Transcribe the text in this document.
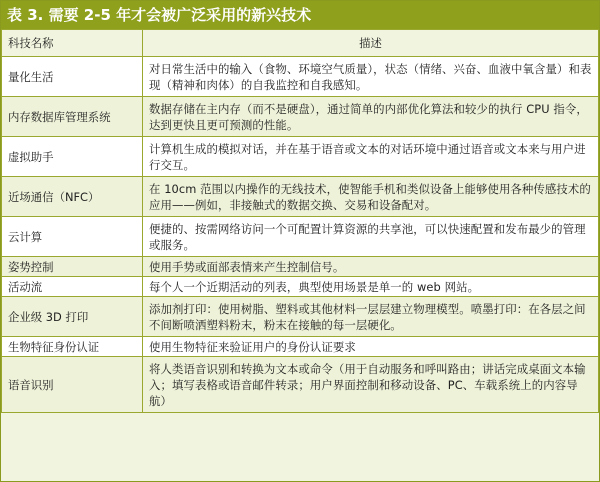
表 3. 需要 2-5 年才会被广泛采用的新兴技术
科技名称	描述
量化生活	对日常生活中的输入（食物、环境空气质量），状态（情绪、兴奋、血液中氧含量）和表现（精神和肉体）的自我监控和自我感知。
内存数据库管理系统	数据存储在主内存（而不是硬盘），通过简单的内部优化算法和较少的执行 CPU 指令，达到更快且更可预测的性能。
虚拟助手	计算机生成的模拟对话，并在基于语音或文本的对话环境中通过语音或文本来与用户进行交互。
近场通信（NFC）	在 10cm 范围以内操作的无线技术，使智能手机和类似设备上能够使用各种传感技术的应用——例如，非接触式的数据交换、交易和设备配对。
云计算	便捷的、按需网络访问一个可配置计算资源的共享池，可以快速配置和发布最少的管理或服务。
姿势控制	使用手势或面部表情来产生控制信号。
活动流	每个人一个近期活动的列表，典型使用场景是单一的 web 网站。
企业级 3D 打印	添加剂打印：使用树脂、塑料或其他材料一层层建立物理模型。喷墨打印：在各层之间不间断喷洒塑料粉末，粉末在接触的每一层硬化。
生物特征身份认证	使用生物特征来验证用户的身份认证要求
语音识别	将人类语音识别和转换为文本或命令（用于自动服务和呼叫路由；讲话完成桌面文本输入；填写表格或语音邮件转录；用户界面控制和移动设备、PC、车载系统上的内容导航）
